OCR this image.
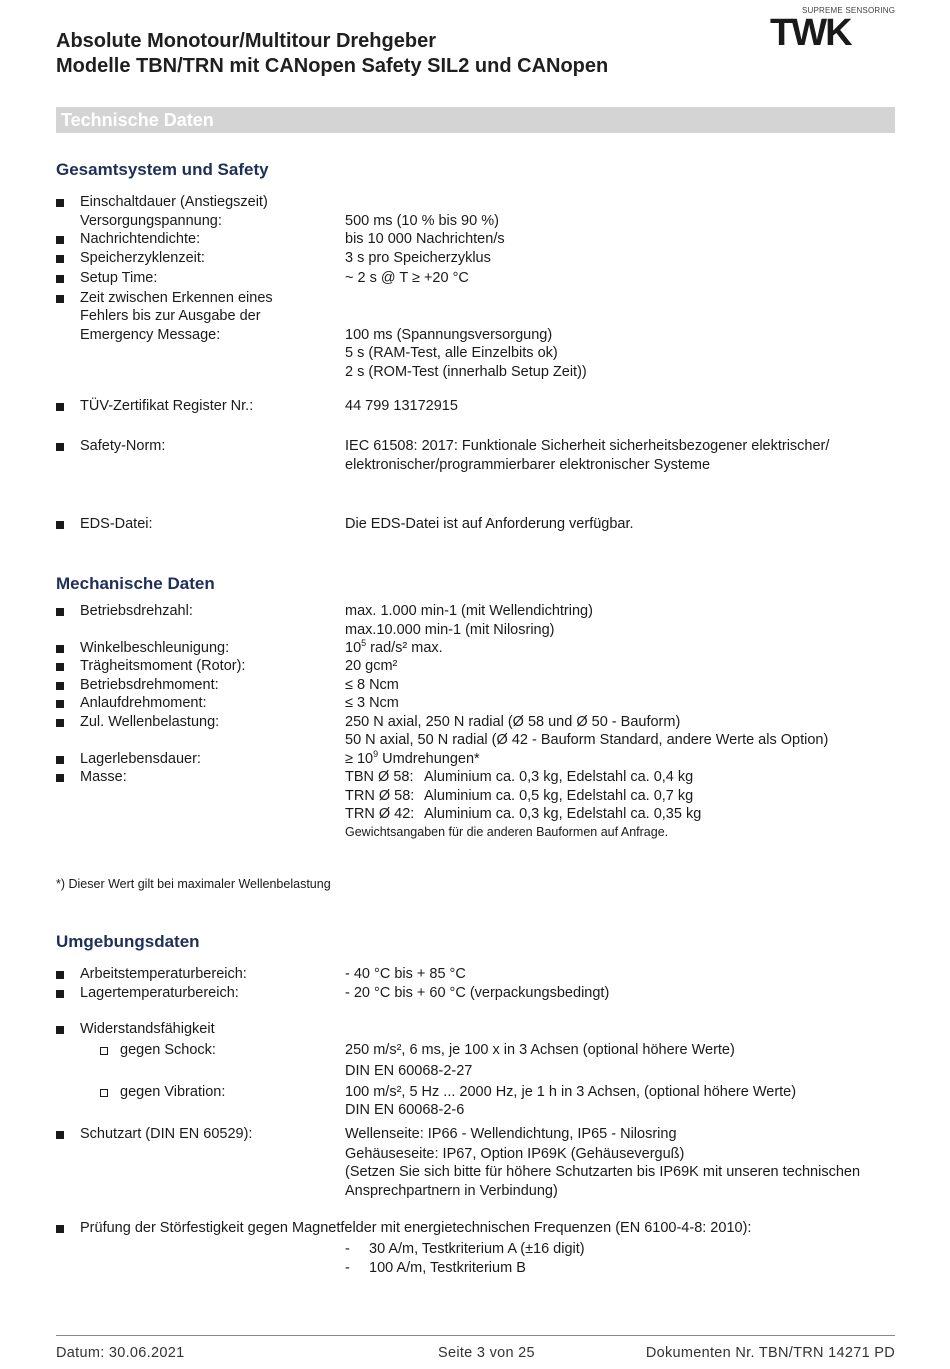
Absolute Monotour/Multitour Drehgeber
Modelle TBN/TRN mit CANopen Safety SIL2 und CANopen
SUPREME SENSORING
TWK
Technische Daten
Gesamtsystem und Safety
Einschaltdauer (Anstiegszeit)
Versorgungspannung:	500 ms (10 % bis 90 %)
Nachrichtendichte:	bis 10 000 Nachrichten/s
Speicherzyklenzeit:	3 s pro Speicherzyklus
Setup Time:	~ 2 s @ T ≥ +20 °C
Zeit zwischen Erkennen eines
Fehlers bis zur Ausgabe der
Emergency Message:	100 ms (Spannungsversorgung)
5 s (RAM-Test, alle Einzelbits ok)
2 s (ROM-Test (innerhalb Setup Zeit))
TÜV-Zertifikat Register Nr.:	44 799 13172915
Safety-Norm:	IEC 61508: 2017: Funktionale Sicherheit sicherheitsbezogener elektrischer/
elektronischer/programmierbarer elektronischer Systeme
EDS-Datei:	Die EDS-Datei ist auf Anforderung verfügbar.
Mechanische Daten
Betriebsdrehzahl:	max. 1.000 min-1 (mit Wellendichtring)
max.10.000 min-1 (mit Nilosring)
Winkelbeschleunigung:	$10^5$ rad/s² max.
Trägheitsmoment (Rotor):	20 gcm²
Betriebsdrehmoment:	≤ 8 Ncm
Anlaufdrehmoment:	≤ 3 Ncm
Zul. Wellenbelastung:	250 N axial, 250 N radial (Ø 58 und Ø 50 - Bauform)
50 N axial, 50 N radial (Ø 42 - Bauform Standard, andere Werte als Option)
Lagerlebensdauer:	≥ $10^9$ Umdrehungen*
Masse:	TBN Ø 58: Aluminium ca. 0,3 kg, Edelstahl ca. 0,4 kg
TRN Ø 58: Aluminium ca. 0,5 kg, Edelstahl ca. 0,7 kg
TRN Ø 42: Aluminium ca. 0,3 kg, Edelstahl ca. 0,35 kg
Gewichtsangaben für die anderen Bauformen auf Anfrage.
*) Dieser Wert gilt bei maximaler Wellenbelastung
Umgebungsdaten
Arbeitstemperaturbereich:	- 40 °C bis + 85 °C
Lagertemperaturbereich:	- 20 °C bis + 60 °C (verpackungsbedingt)
Widerstandsfähigkeit
gegen Schock:	250 m/s², 6 ms, je 100 x in 3 Achsen (optional höhere Werte)
DIN EN 60068-2-27
gegen Vibration:	100 m/s², 5 Hz ... 2000 Hz, je 1 h in 3 Achsen, (optional höhere Werte)
DIN EN 60068-2-6
Schutzart (DIN EN 60529):	Wellenseite: IP66 - Wellendichtung, IP65 - Nilosring
Gehäuseseite: IP67, Option IP69K (Gehäuseverguß)
(Setzen Sie sich bitte für höhere Schutzarten bis IP69K mit unseren technischen
Ansprechpartnern in Verbindung)
Prüfung der Störfestigkeit gegen Magnetfelder mit energietechnischen Frequenzen (EN 6100-4-8: 2010):
- 30 A/m, Testkriterium A (±16 digit)
- 100 A/m, Testkriterium B
Datum: 30.06.2021	Seite 3 von 25	Dokumenten Nr. TBN/TRN 14271 PD
